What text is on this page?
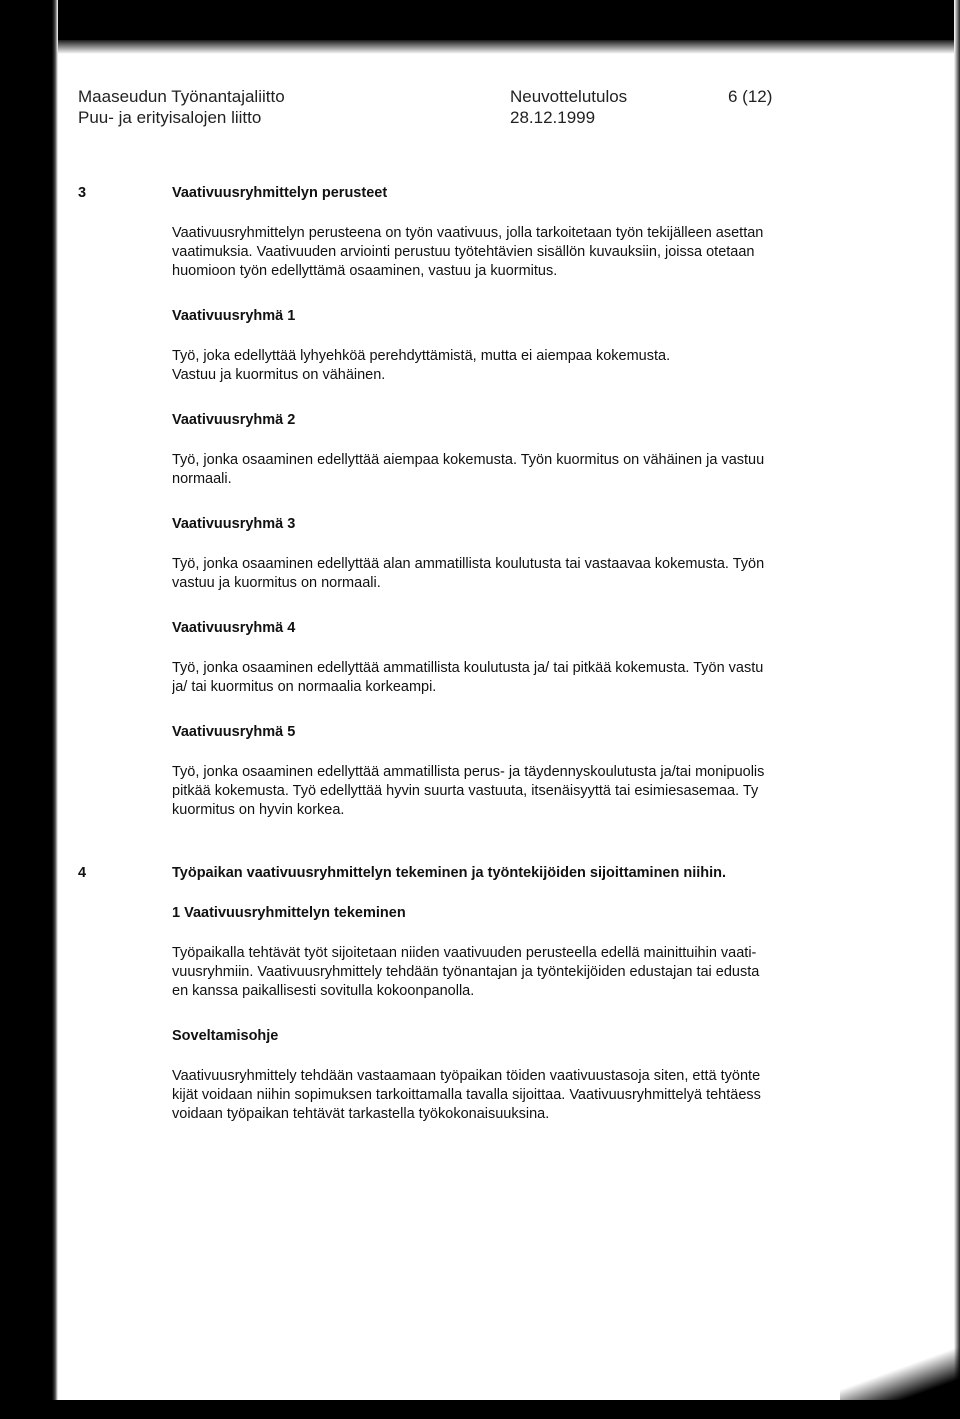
Maaseudun Työnantajaliitto
Puu- ja erityisalojen liitto
Neuvottelutulos
28.12.1999
6 (12)
3	Vaativuusryhmittelyn perusteet

Vaativuusryhmittelyn perusteena on työn vaativuus, jolla tarkoitetaan työn tekijälleen asettan

vaatimuksia. Vaativuuden arviointi perustuu työtehtävien sisällön kuvauksiin, joissa otetaan

huomioon työn edellyttämä osaaminen, vastuu ja kuormitus.

Vaativuusryhmä 1

Työ, joka edellyttää lyhyehköä perehdyttämistä, mutta ei aiempaa kokemusta.

Vastuu ja kuormitus on vähäinen.

Vaativuusryhmä 2

Työ, jonka osaaminen edellyttää aiempaa kokemusta. Työn kuormitus on vähäinen ja vastuu

normaali.

Vaativuusryhmä 3

Työ, jonka osaaminen edellyttää alan ammatillista koulutusta tai vastaavaa kokemusta. Työn

vastuu ja kuormitus on normaali.

Vaativuusryhmä 4

Työ, jonka osaaminen edellyttää ammatillista koulutusta ja/ tai pitkää kokemusta. Työn vastu

ja/ tai kuormitus on normaalia korkeampi.

Vaativuusryhmä 5

Työ, jonka osaaminen edellyttää ammatillista perus- ja täydennyskoulutusta ja/tai monipuolis

pitkää kokemusta. Työ edellyttää hyvin suurta vastuuta, itsenäisyyttä tai esimiesasemaa. Ty

kuormitus on hyvin korkea.

4	Työpaikan vaativuusryhmittelyn tekeminen ja työntekijöiden sijoittaminen niihin.
1 Vaativuusryhmittelyn tekeminen

Työpaikalla tehtävät työt sijoitetaan niiden vaativuuden perusteella edellä mainittuihin vaati-

vuusryhmiin. Vaativuusryhmittely tehdään työnantajan ja työntekijöiden edustajan tai edusta

en kanssa paikallisesti sovitulla kokoonpanolla.

Soveltamisohje

Vaativuusryhmittely tehdään vastaamaan työpaikan töiden vaativuustasoja siten, että työnte

kijät voidaan niihin sopimuksen tarkoittamalla tavalla sijoittaa. Vaativuusryhmittelyä tehtäess

voidaan työpaikan tehtävät tarkastella työkokonaisuuksina.
